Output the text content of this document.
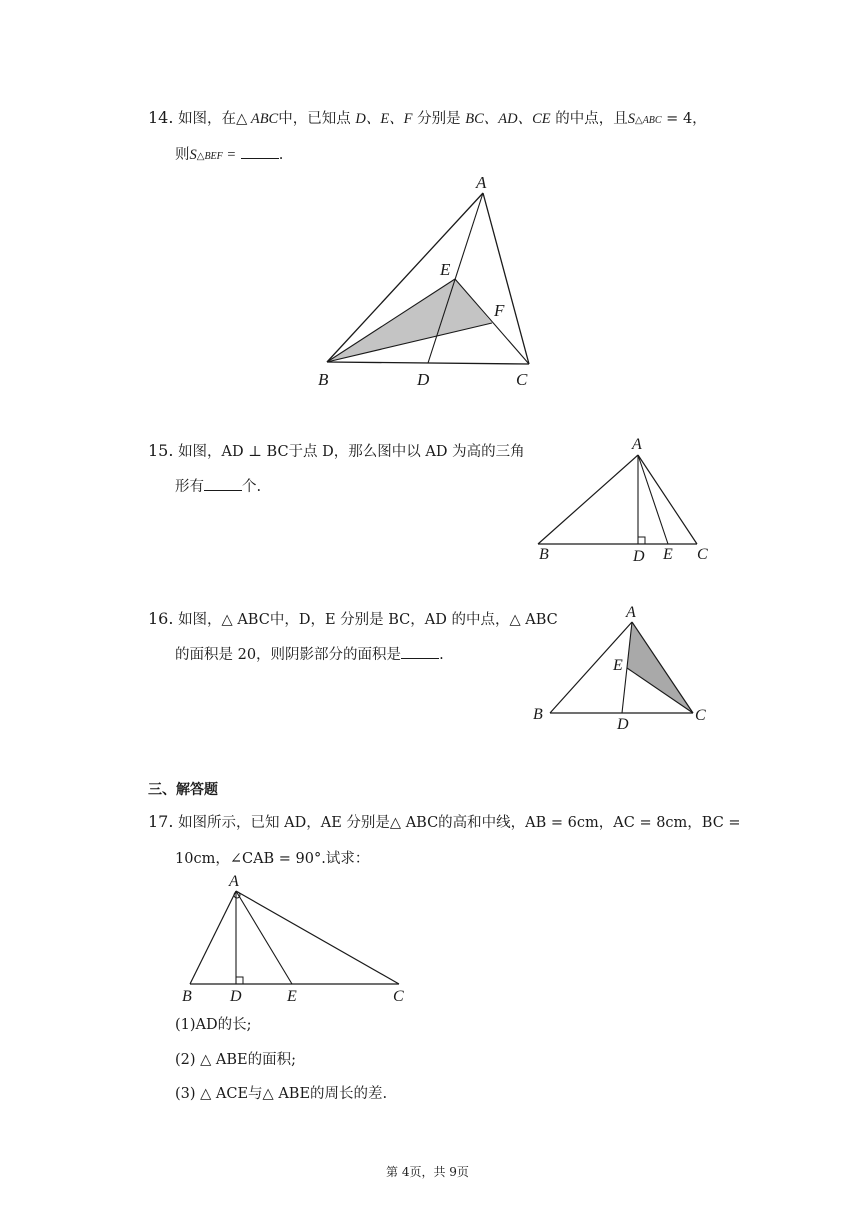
14. 如图，在△ ABC中，已知点 D、E、F 分别是 BC、AD、CE 的中点，且S△ABC = 4，
则S△BEF =	.
A
E
F
B	D	C
15. 如图，AD ⊥ BC于点 D，那么图中以 AD 为高的三角
形有	个.
A
B	D E C
16. 如图，△ ABC中，D，E 分别是 BC，AD 的中点，△ ABC
的面积是 20，则阴影部分的面积是	.
A
E
B
D
C
三、解答题
17. 如图所示，已知 AD，AE 分别是△ ABC的高和中线，AB = 6cm，AC = 8cm，BC =
10cm，∠CAB = 90°.试求：
A
B D	E	C
(1)AD的长;
(2) △ ABE的面积;
(3) △ ACE与△ ABE的周长的差.
第 4页，共 9页
